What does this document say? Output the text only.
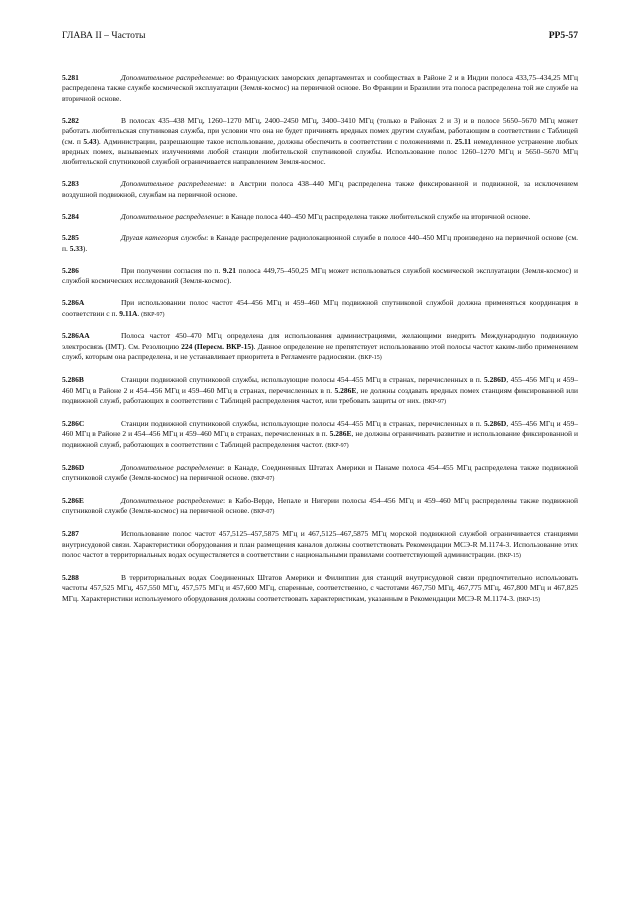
ГЛАВА II – Частоты	РР5-57
5.281	Дополнительное распределение: во Французских заморских департаментах и сообществах в Районе 2 и в Индии полоса 433,75–434,25 МГц распределена также службе космической эксплуатации (Земля-космос) на первичной основе. Во Франции и Бразилии эта полоса распределена той же службе на вторичной основе.
5.282	В полосах 435–438 МГц, 1260–1270 МГц, 2400–2450 МГц, 3400–3410 МГц (только в Районах 2 и 3) и в полосе 5650–5670 МГц может работать любительская спутниковая служба, при условии что она не будет причинять вредных помех другим службам, работающим в соответствии с Таблицей (см. п 5.43). Администрации, разрешающие такое использование, должны обеспечить в соответствии с положениями п. 25.11 немедленное устранение любых вредных помех, вызываемых излучениями любой станции любительской спутниковой службы. Использование полос 1260–1270 МГц и 5650–5670 МГц любительской спутниковой службой ограничивается направлением Земля-космос.
5.283	Дополнительное распределение: в Австрии полоса 438–440 МГц распределена также фиксированной и подвижной, за исключением воздушной подвижной, службам на первичной основе.
5.284	Дополнительное распределение: в Канаде полоса 440–450 МГц распределена также любительской службе на вторичной основе.
5.285	Другая категория службы: в Канаде распределение радиолокационной службе в полосе 440–450 МГц произведено на первичной основе (см. п. 5.33).
5.286	При получении согласия по п. 9.21 полоса 449,75–450,25 МГц может использоваться службой космической эксплуатации (Земля-космос) и службой космических исследований (Земля-космос).
5.286A	При использовании полос частот 454–456 МГц и 459–460 МГц подвижной спутниковой службой должна применяться координация в соответствии с п. 9.11A. (ВКР-97)
5.286AA	Полоса частот 450–470 МГц определена для использования администрациями, желающими внедрить Международную подвижную электросвязь (IMT). См. Резолюцию 224 (Пересм. ВКР-15). Данное определение не препятствует использованию этой полосы частот каким-либо применением служб, которым она распределена, и не устанавливает приоритета в Регламенте радиосвязи. (ВКР-15)
5.286B	Станции подвижной спутниковой службы, использующие полосы 454–455 МГц в странах, перечисленных в п. 5.286D, 455–456 МГц и 459–460 МГц в Районе 2 и 454–456 МГц и 459–460 МГц в странах, перечисленных в п. 5.286E, не должны создавать вредных помех станциям фиксированной или подвижной служб, работающих в соответствии с Таблицей распределения частот, или требовать защиты от них. (ВКР-97)
5.286C	Станции подвижной спутниковой службы, использующие полосы 454–455 МГц в странах, перечисленных в п. 5.286D, 455–456 МГц и 459–460 МГц в Районе 2 и 454–456 МГц и 459–460 МГц в странах, перечисленных в п. 5.286E, не должны ограничивать развитие и использование фиксированной и подвижной служб, работающих в соответствии с Таблицей распределения частот. (ВКР-97)
5.286D	Дополнительное распределение: в Канаде, Соединенных Штатах Америки и Панаме полоса 454–455 МГц распределена также подвижной спутниковой службе (Земля-космос) на первичной основе. (ВКР-07)
5.286E	Дополнительное распределение: в Кабо-Верде, Непале и Нигерии полосы 454–456 МГц и 459–460 МГц распределены также подвижной спутниковой службе (Земля-космос) на первичной основе. (ВКР-07)
5.287	Использование полос частот 457,5125–457,5875 МГц и 467,5125–467,5875 МГц морской подвижной службой ограничивается станциями внутрисудовой связи. Характеристики оборудования и план размещения каналов должны соответствовать Рекомендации МСЭ-R M.1174-3. Использование этих полос частот в территориальных водах осуществляется в соответствии с национальными правилами соответствующей администрации. (ВКР-15)
5.288	В территориальных водах Соединенных Штатов Америки и Филиппин для станций внутрисудовой связи предпочтительно использовать частоты 457,525 МГц, 457,550 МГц, 457,575 МГц и 457,600 МГц, спаренные, соответственно, с частотами 467,750 МГц, 467,775 МГц, 467,800 МГц и 467,825 МГц. Характеристики используемого оборудования должны соответствовать характеристикам, указанным в Рекомендации МСЭ-R M.1174-3. (ВКР-15)
